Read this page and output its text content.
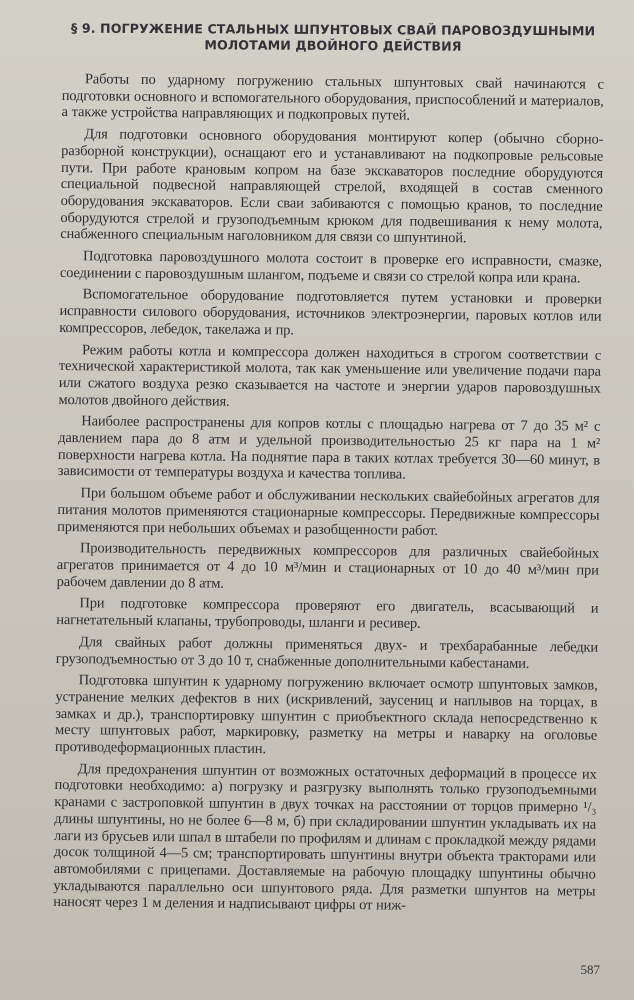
§ 9. ПОГРУЖЕНИЕ СТАЛЬНЫХ ШПУНТОВЫХ СВАЙ ПАРОВОЗДУШНЫМИ
МОЛОТАМИ ДВОЙНОГО ДЕЙСТВИЯ

Работы по ударному погружению стальных шпунтовых свай начинаются с подготовки основного и вспомогательного оборудования, приспособлений и материалов, а также устройства направляющих и подкопровых путей.

Для подготовки основного оборудования монтируют копер (обычно сборно-разборной конструкции), оснащают его и устанавливают на подкопровые рельсовые пути. При работе крановым копром на базе экскаваторов последние оборудуются специальной подвесной направляющей стрелой, входящей в состав сменного оборудования экскаваторов. Если сваи забиваются с помощью кранов, то последние оборудуются стрелой и грузоподъемным крюком для подвешивания к нему молота, снабженного специальным наголовником для связи со шпунтиной.

Подготовка паровоздушного молота состоит в проверке его исправности, смазке, соединении с паровоздушным шлангом, подъеме и связи со стрелой копра или крана.

Вспомогательное оборудование подготовляется путем установки и проверки исправности силового оборудования, источников электроэнергии, паровых котлов или компрессоров, лебедок, такелажа и пр.

Режим работы котла и компрессора должен находиться в строгом соответствии с технической характеристикой молота, так как уменьшение или увеличение подачи пара или сжатого воздуха резко сказывается на частоте и энергии ударов паровоздушных молотов двойного действия.

Наиболее распространены для копров котлы с площадью нагрева от 7 до 35 м² с давлением пара до 8 атм и удельной производительностью 25 кг пара на 1 м² поверхности нагрева котла. На поднятие пара в таких котлах требуется 30—60 минут, в зависимости от температуры воздуха и качества топлива.

При большом объеме работ и обслуживании нескольких свайебойных агрегатов для питания молотов применяются стационарные компрессоры. Передвижные компрессоры применяются при небольших объемах и разобщенности работ.

Производительность передвижных компрессоров для различных свайебойных агрегатов принимается от 4 до 10 м³/мин и стационарных от 10 до 40 м³/мин при рабочем давлении до 8 атм.

При подготовке компрессора проверяют его двигатель, всасывающий и нагнетательный клапаны, трубопроводы, шланги и ресивер.

Для свайных работ должны применяться двух- и трехбарабанные лебедки грузоподъемностью от 3 до 10 т, снабженные дополнительными кабестанами.

Подготовка шпунтин к ударному погружению включает осмотр шпунтовых замков, устранение мелких дефектов в них (искривлений, заусениц и наплывов на торцах, в замках и др.), транспортировку шпунтин с приобъектного склада непосредственно к месту шпунтовых работ, маркировку, разметку на метры и наварку на оголовье противодеформационных пластин.

Для предохранения шпунтин от возможных остаточных деформаций в процессе их подготовки необходимо: а) погрузку и разгрузку выполнять только грузоподъемными кранами с застроповкой шпунтин в двух точках на расстоянии от торцов примерно ¹/₃ длины шпунтины, но не более 6—8 м, б) при складировании шпунтин укладывать их на лаги из брусьев или шпал в штабели по профилям и длинам с прокладкой между рядами досок толщиной 4—5 см; транспортировать шпунтины внутри объекта тракторами или автомобилями с прицепами. Доставляемые на рабочую площадку шпунтины обычно укладываются параллельно оси шпунтового ряда. Для разметки шпунтов на метры наносят через 1 м деления и надписывают цифры от ниж-

587
